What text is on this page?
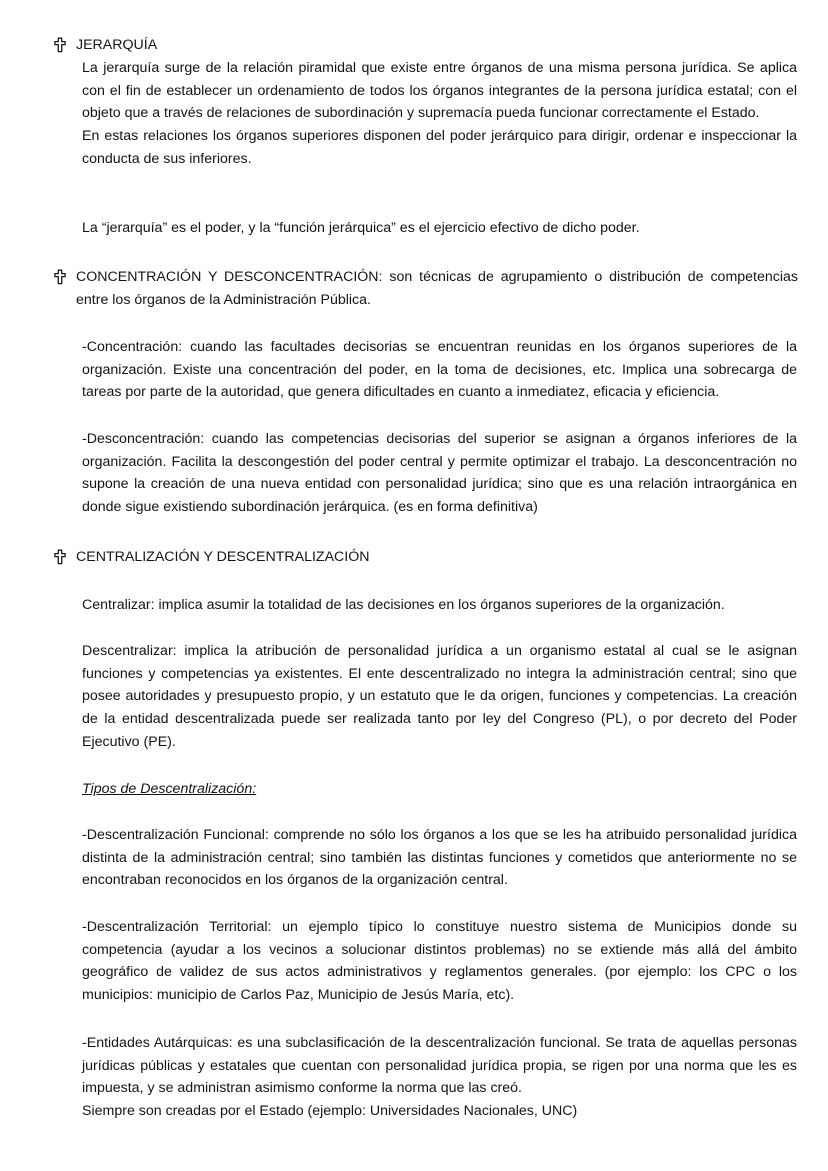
JERARQUÍA

La jerarquía surge de la relación piramidal que existe entre órganos de una misma persona jurídica. Se aplica con el fin de establecer un ordenamiento de todos los órganos integrantes de la persona jurídica estatal; con el objeto que a través de relaciones de subordinación y supremacía pueda funcionar correctamente el Estado.

En estas relaciones los órganos superiores disponen del poder jerárquico para dirigir, ordenar e inspeccionar la conducta de sus inferiores.

La “jerarquía” es el poder, y la “función jerárquica” es el ejercicio efectivo de dicho poder.

CONCENTRACIÓN Y DESCONCENTRACIÓN: son técnicas de agrupamiento o distribución de competencias entre los órganos de la Administración Pública.

-Concentración: cuando las facultades decisorias se encuentran reunidas en los órganos superiores de la organización. Existe una concentración del poder, en la toma de decisiones, etc. Implica una sobrecarga de tareas por parte de la autoridad, que genera dificultades en cuanto a inmediatez, eficacia y eficiencia.

-Desconcentración: cuando las competencias decisorias del superior se asignan a órganos inferiores de la organización. Facilita la descongestión del poder central y permite optimizar el trabajo. La desconcentración no supone la creación de una nueva entidad con personalidad jurídica; sino que es una relación intraorgánica en donde sigue existiendo subordinación jerárquica. (es en forma definitiva)

CENTRALIZACIÓN Y DESCENTRALIZACIÓN

Centralizar: implica asumir la totalidad de las decisiones en los órganos superiores de la organización.

Descentralizar: implica la atribución de personalidad jurídica a un organismo estatal al cual se le asignan funciones y competencias ya existentes. El ente descentralizado no integra la administración central; sino que posee autoridades y presupuesto propio, y un estatuto que le da origen, funciones y competencias. La creación de la entidad descentralizada puede ser realizada tanto por ley del Congreso (PL), o por decreto del Poder Ejecutivo (PE).

Tipos de Descentralización:

-Descentralización Funcional: comprende no sólo los órganos a los que se les ha atribuido personalidad jurídica distinta de la administración central; sino también las distintas funciones y cometidos que anteriormente no se encontraban reconocidos en los órganos de la organización central.

-Descentralización Territorial: un ejemplo típico lo constituye nuestro sistema de Municipios donde su competencia (ayudar a los vecinos a solucionar distintos problemas) no se extiende más allá del ámbito geográfico de validez de sus actos administrativos y reglamentos generales. (por ejemplo: los CPC o los municipios: municipio de Carlos Paz, Municipio de Jesús María, etc).

-Entidades Autárquicas: es una subclasificación de la descentralización funcional. Se trata de aquellas personas jurídicas públicas y estatales que cuentan con personalidad jurídica propia, se rigen por una norma que les es impuesta, y se administran asimismo conforme la norma que las creó.

Siempre son creadas por el Estado (ejemplo: Universidades Nacionales, UNC)
